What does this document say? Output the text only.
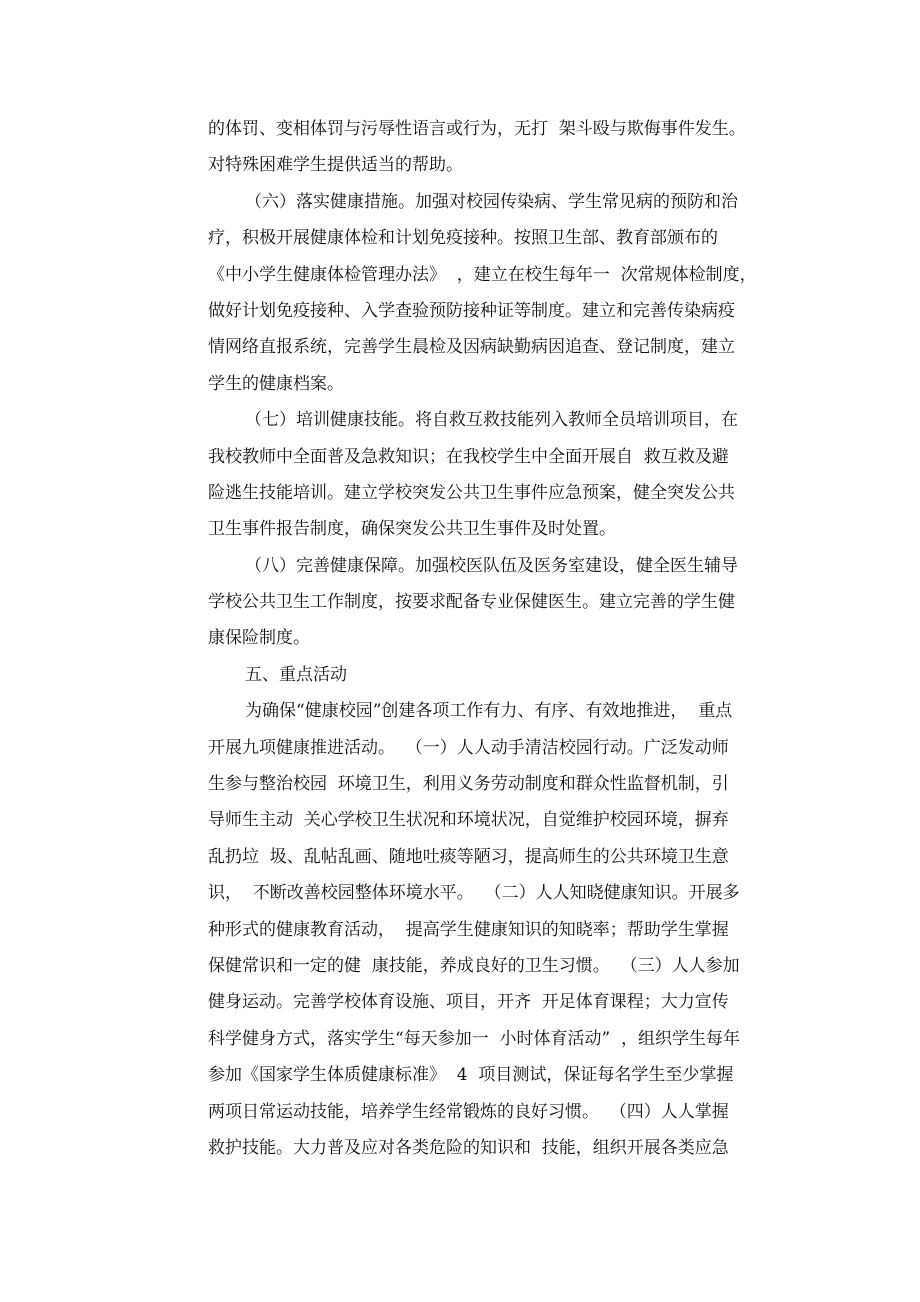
的体罚、变相体罚与污辱性语言或行为，无打  架斗殴与欺侮事件发生。
对特殊困难学生提供适当的帮助。
（六）落实健康措施。加强对校园传染病、学生常见病的预防和治
疗，积极开展健康体检和计划免疫接种。按照卫生部、教育部颁布的
《中小学生健康体检管理办法》  ，建立在校生每年一  次常规体检制度，
做好计划免疫接种、入学查验预防接种证等制度。建立和完善传染病疫
情网络直报系统，完善学生晨检及因病缺勤病因追查、登记制度，建立
学生的健康档案。
（七）培训健康技能。将自救互救技能列入教师全员培训项目，在
我校教师中全面普及急救知识；在我校学生中全面开展自  救互救及避
险逃生技能培训。建立学校突发公共卫生事件应急预案，健全突发公共
卫生事件报告制度，确保突发公共卫生事件及时处置。
（八）完善健康保障。加强校医队伍及医务室建设，健全医生辅导
学校公共卫生工作制度，按要求配备专业保健医生。建立完善的学生健
康保险制度。
五、重点活动
为确保“健康校园”创建各项工作有力、有序、有效地推进，  重点
开展九项健康推进活动。  （一）人人动手清洁校园行动。广泛发动师
生参与整治校园  环境卫生，利用义务劳动制度和群众性监督机制，引
导师生主动  关心学校卫生状况和环境状况，自觉维护校园环境，摒弃
乱扔垃  圾、乱帖乱画、随地吐痰等陋习，提高师生的公共环境卫生意
识，  不断改善校园整体环境水平。  （二）人人知晓健康知识。开展多
种形式的健康教育活动，  提高学生健康知识的知晓率；帮助学生掌握
保健常识和一定的健  康技能，养成良好的卫生习惯。  （三）人人参加
健身运动。完善学校体育设施、项目，开齐  开足体育课程；大力宣传
科学健身方式，落实学生“每天参加一  小时体育活动”  ，组织学生每年
参加《国家学生体质健康标准》  4  项目测试，保证每名学生至少掌握
两项日常运动技能，培养学生经常锻炼的良好习惯。  （四）人人掌握
救护技能。大力普及应对各类危险的知识和  技能，组织开展各类应急
